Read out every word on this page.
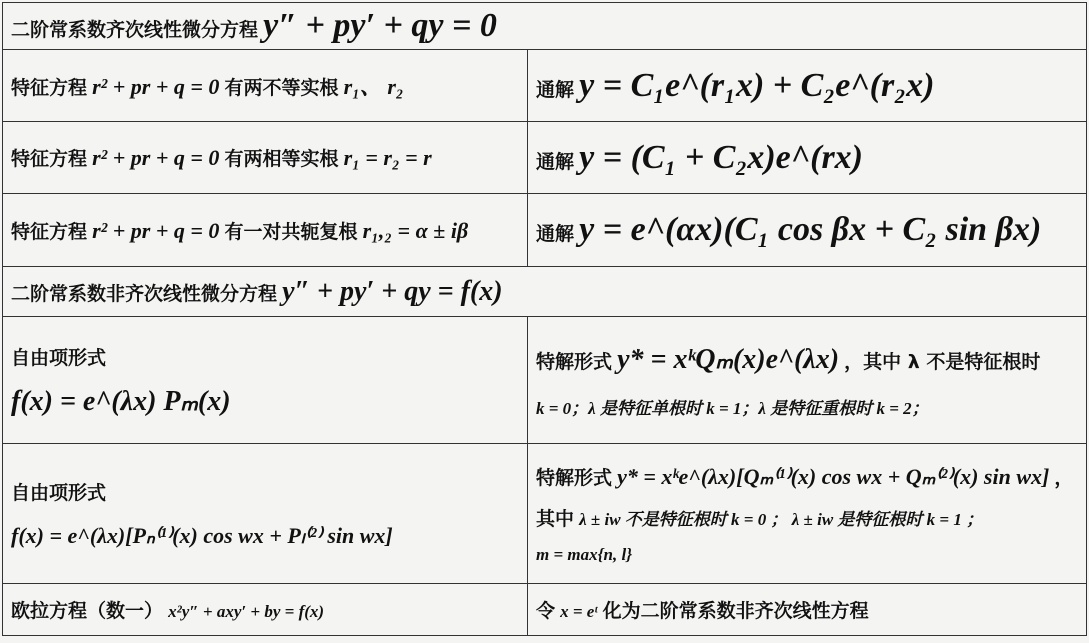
二阶常系数齐次线性微分方程 y″ + py′ + qy = 0	
特征方程 r² + pr + q = 0 有两不等实根 r₁、 r₂	通解 y = C₁e^(r₁x) + C₂e^(r₂x)
特征方程 r² + pr + q = 0 有两相等实根 r₁ = r₂ = r	通解 y = (C₁ + C₂x)e^(rx)
特征方程 r² + pr + q = 0 有一对共轭复根 r₁,₂ = α ± iβ	通解 y = e^(αx)(C₁ cos βx + C₂ sin βx)
二阶常系数非齐次线性微分方程 y″ + py′ + qy = f(x)	

自由项形式
f(x) = e^(λx) Pₘ(x)	特解形式 y* = xᵏQₘ(x)e^(λx) ，其中 λ 不是特征根时
k = 0；λ 是特征单根时 k = 1；λ 是特征重根时 k = 2；

自由项形式
f(x) = e^(λx)[Pₙ⁽¹⁾(x) cos wx + Pₗ⁽²⁾ sin wx]	特解形式 y* = xᵏe^(λx)[Qₘ⁽¹⁾(x) cos wx + Qₘ⁽²⁾(x) sin wx] ，
其中 λ ± iw 不是特征根时 k = 0 ； λ ± iw 是特征根时 k = 1 ；
m = max{n, l}

欧拉方程（数一） x²y″ + axy′ + by = f(x)	令 x = eᵗ 化为二阶常系数非齐次线性方程
